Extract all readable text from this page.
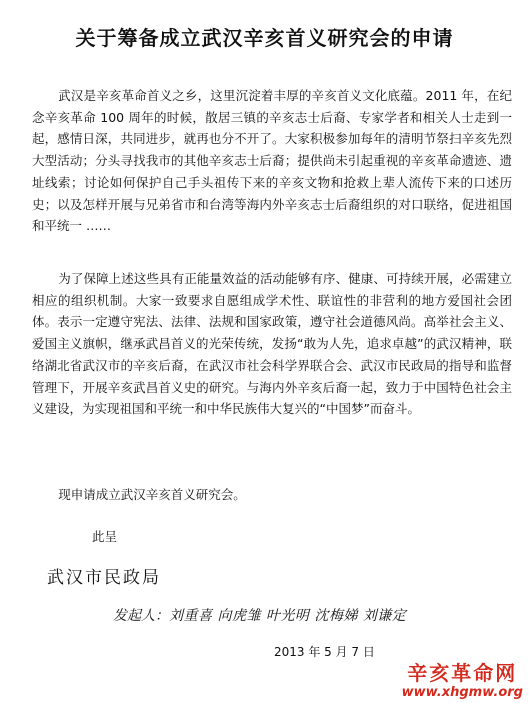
关于筹备成立武汉辛亥首义研究会的申请

武汉是辛亥革命首义之乡，这里沉淀着丰厚的辛亥首义文化底蕴。2011 年，在纪念辛亥革命 100 周年的时候，散居三镇的辛亥志士后裔、专家学者和相关人士走到一起，感情日深，共同进步，就再也分不开了。大家积极参加每年的清明节祭扫辛亥先烈大型活动；分头寻找我市的其他辛亥志士后裔；提供尚未引起重视的辛亥革命遗迹、遗址线索；讨论如何保护自己手头祖传下来的辛亥文物和抢救上辈人流传下来的口述历史；以及怎样开展与兄弟省市和台湾等海内外辛亥志士后裔组织的对口联络，促进祖国和平统一 ……

为了保障上述这些具有正能量效益的活动能够有序、健康、可持续开展，必需建立相应的组织机制。大家一致要求自愿组成学术性、联谊性的非营利的地方爱国社会团体。表示一定遵守宪法、法律、法规和国家政策，遵守社会道德风尚。高举社会主义、爱国主义旗帜，继承武昌首义的光荣传统，发扬“敢为人先，追求卓越”的武汉精神，联络湖北省武汉市的辛亥后裔，在武汉市社会科学界联合会、武汉市民政局的指导和监督管理下，开展辛亥武昌首义史的研究。与海内外辛亥后裔一起，致力于中国特色社会主义建设，为实现祖国和平统一和中华民族伟大复兴的“中国梦”而奋斗。

现申请成立武汉辛亥首义研究会。

此呈
武汉市民政局
发起人：刘重喜 向虎雏 叶光明 沈梅娣 刘谦定
2013 年 5 月 7 日
辛亥革命网
www.xhgmw.org
